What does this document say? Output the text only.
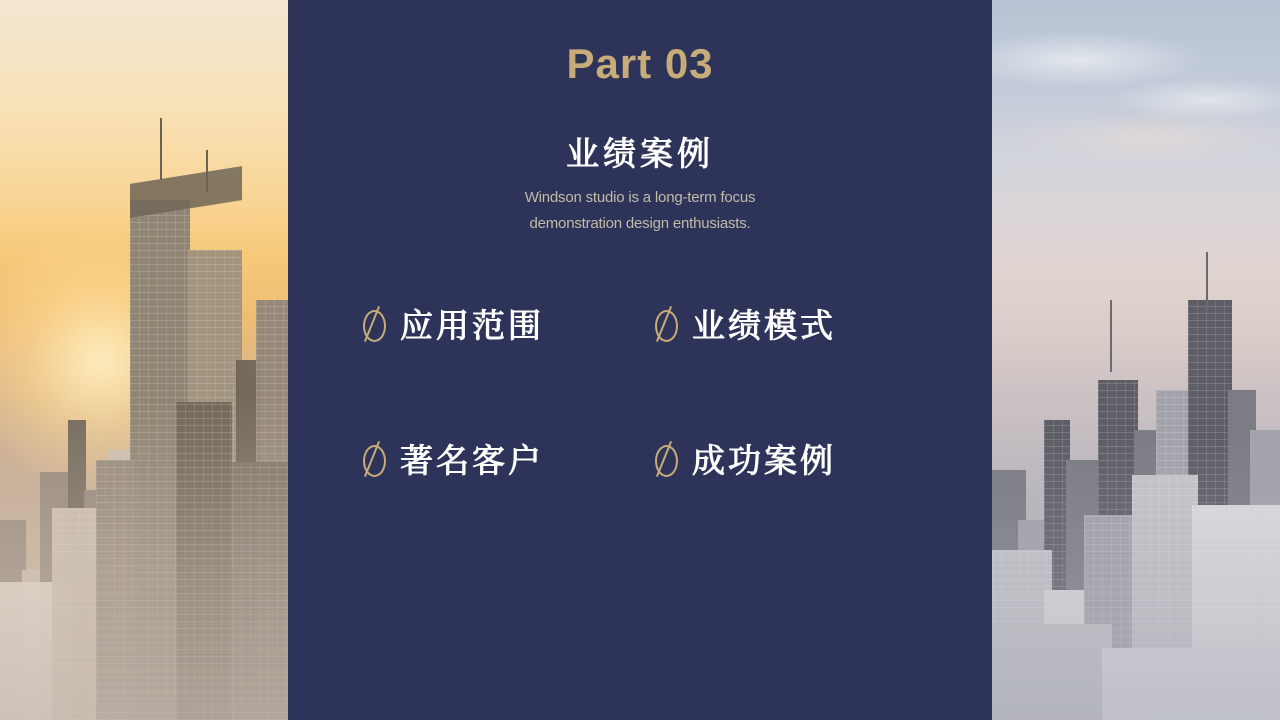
Part 03
业绩案例
Windson studio is a long-term focus
demonstration design enthusiasts.
应用范围	业绩模式
著名客户	成功案例
